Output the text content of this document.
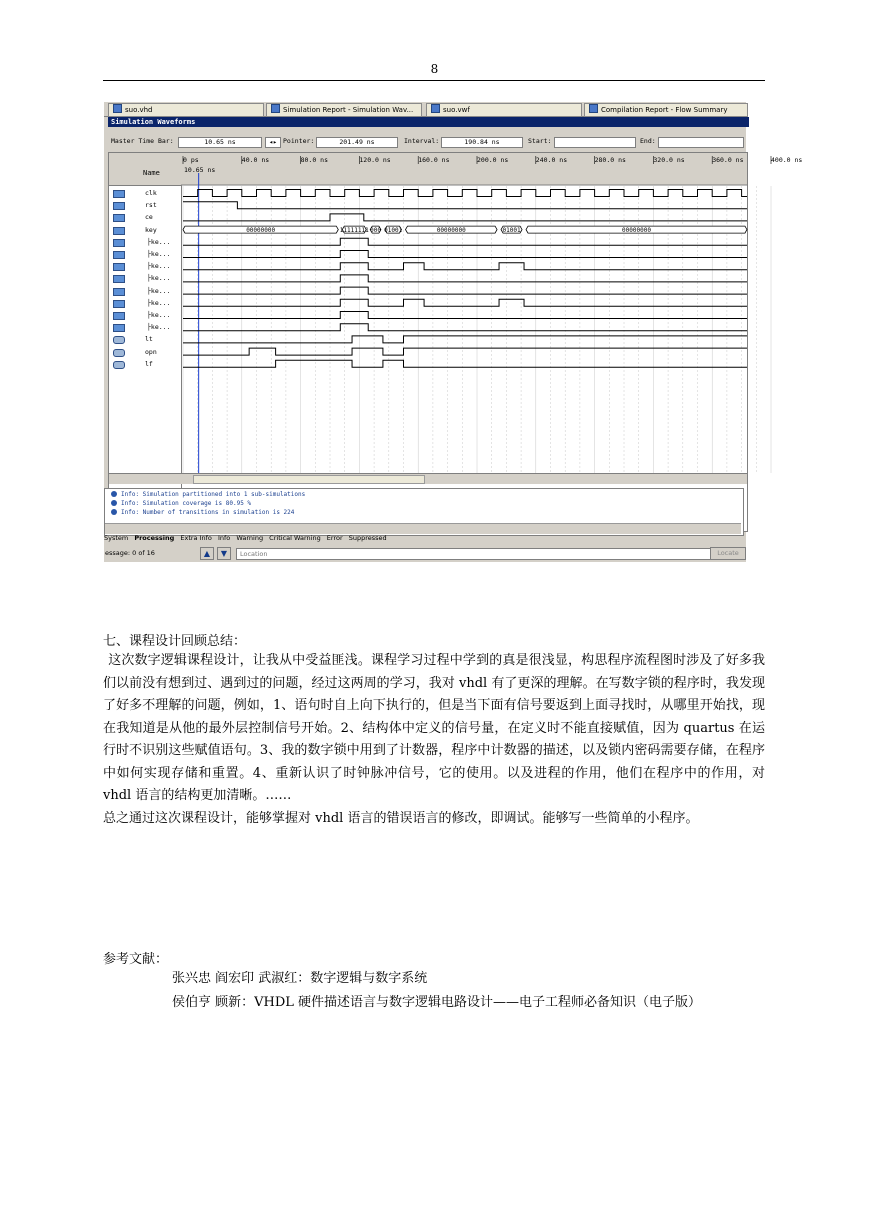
8
suo.vhd	Simulation Report - Simulation Wav...	suo.vwf	Compilation Report - Flow Summary
Simulation Waveforms
Master Time Bar:	10.65 ns	◂▸ Pointer:	201.49 ns	Interval:	190.84 ns	Start:	End:
Name
clk
rst
ce
key
├ke...
├ke...
├ke...
├ke...
├ke...
├ke...
├ke...
├ke...
lt
opn
lf
0 ps	40.0 ns	80.0 ns	120.0 ns	160.0 ns	200.0 ns	240.0 ns	280.0 ns	320.0 ns	360.0 ns	400.0 ns
10.65 ns
00000000	11111111 000 01001	00000000	01001	00000000
Info: Simulation partitioned into 1 sub-simulations
Info: Simulation coverage is 80.95 %
Info: Number of transitions in simulation is 224
System Processing Extra Info Info Warning Critical Warning Error Suppressed
essage: 0 of 16	▲	▼	Location	Locate
七、课程设计回顾总结：

这次数字逻辑课程设计，让我从中受益匪浅。课程学习过程中学到的真是很浅显，构思程序流程图时涉及了好多我们以前没有想到过、遇到过的问题，经过这两周的学习，我对 vhdl 有了更深的理解。在写数字锁的程序时，我发现了好多不理解的问题，例如，1、语句时自上向下执行的，但是当下面有信号要返到上面寻找时，从哪里开始找，现在我知道是从他的最外层控制信号开始。2、结构体中定义的信号量，在定义时不能直接赋值，因为 quartus 在运行时不识别这些赋值语句。3、我的数字锁中用到了计数器，程序中计数器的描述，以及锁内密码需要存储，在程序中如何实现存储和重置。4、重新认识了时钟脉冲信号，它的使用。以及进程的作用，他们在程序中的作用，对 vhdl 语言的结构更加清晰。……

总之通过这次课程设计，能够掌握对 vhdl 语言的错误语言的修改，即调试。能够写一些简单的小程序。

参考文献：
张兴忠 阎宏印 武淑红：数字逻辑与数字系统
侯伯亨 顾新：VHDL 硬件描述语言与数字逻辑电路设计——电子工程师必备知识（电子版）
